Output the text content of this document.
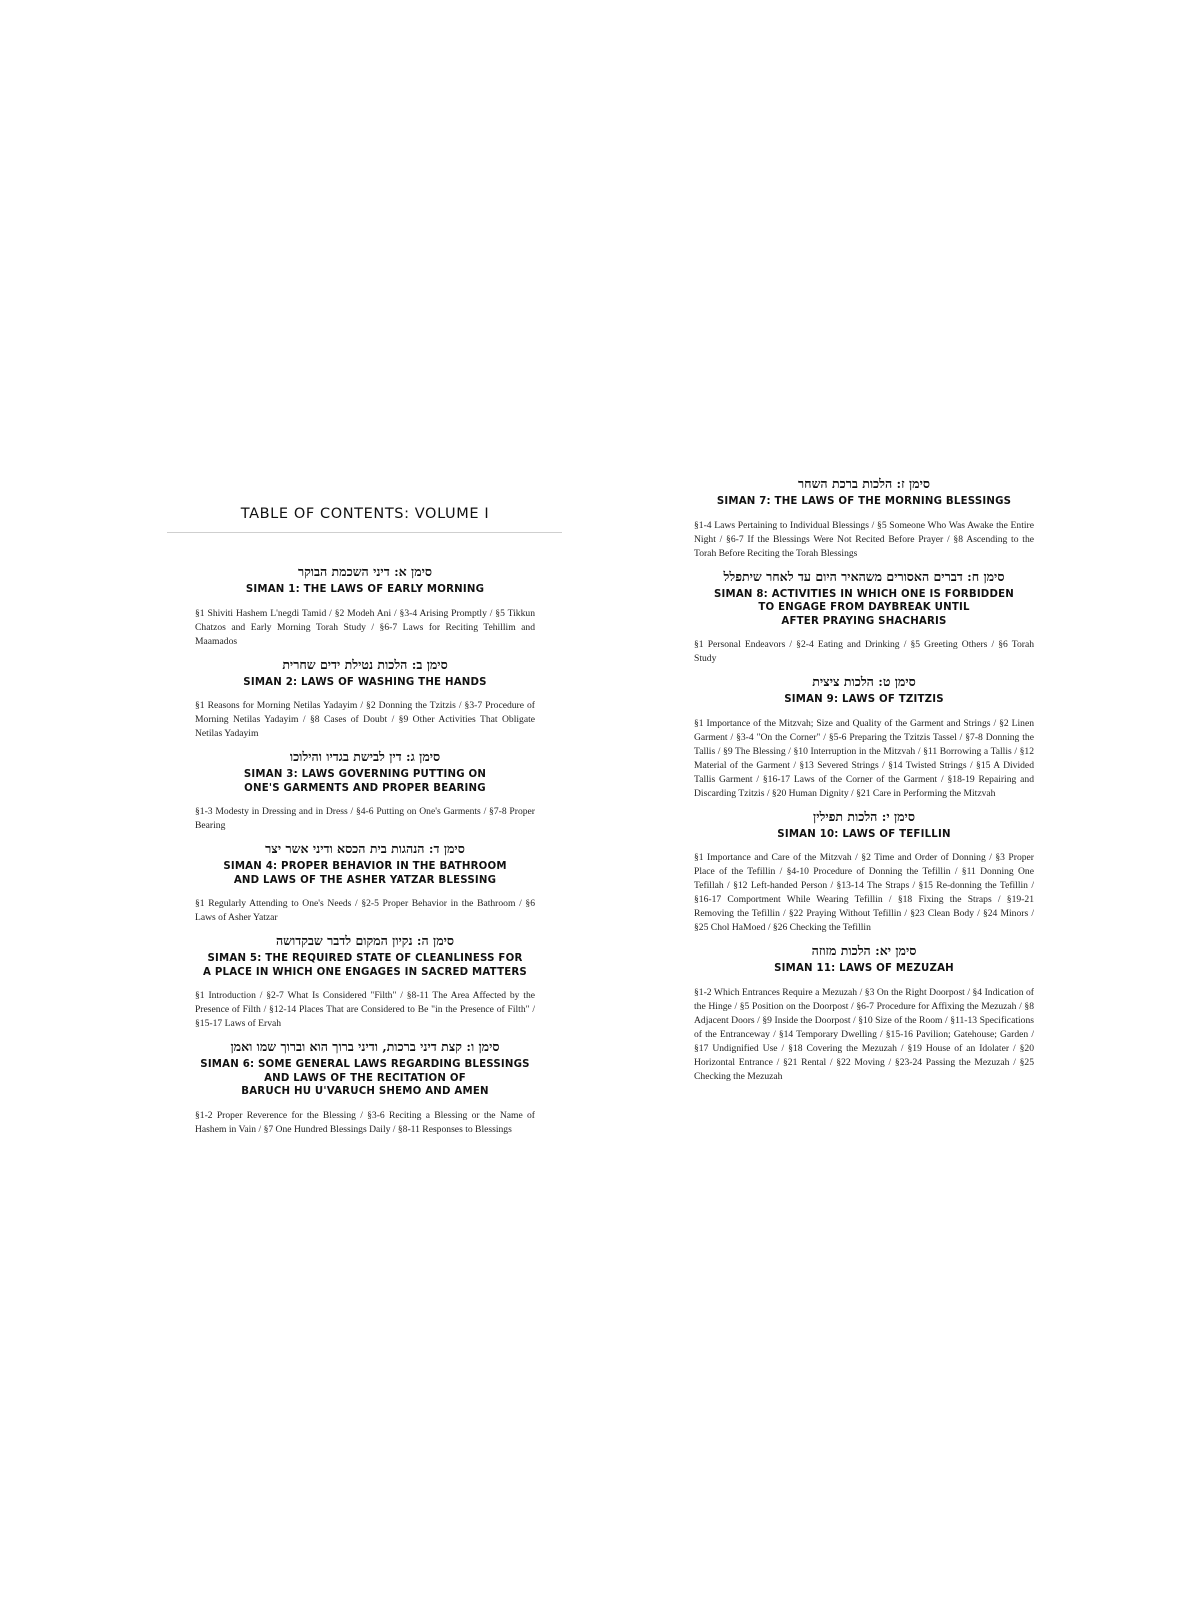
TABLE OF CONTENTS: VOLUME I
סימן א: דיני השכמת הבוקר
SIMAN 1: THE LAWS OF EARLY MORNING
§1 Shiviti Hashem L'negdi Tamid / §2 Modeh Ani / §3-4 Arising Promptly / §5 Tikkun Chatzos and Early Morning Torah Study / §6-7 Laws for Reciting Tehillim and Maamados
סימן ב: הלכות נטילת ידים שחרית
SIMAN 2: LAWS OF WASHING THE HANDS
§1 Reasons for Morning Netilas Yadayim / §2 Donning the Tzitzis / §3-7 Procedure of Morning Netilas Yadayim / §8 Cases of Doubt / §9 Other Activities That Obligate Netilas Yadayim
סימן ג: דין לבישת בגדיו והילוכו
SIMAN 3: LAWS GOVERNING PUTTING ON
ONE'S GARMENTS AND PROPER BEARING
§1-3 Modesty in Dressing and in Dress / §4-6 Putting on One's Garments / §7-8 Proper Bearing
סימן ד: הנהגות בית הכסא ודיני אשר יצר
SIMAN 4: PROPER BEHAVIOR IN THE BATHROOM
AND LAWS OF THE ASHER YATZAR BLESSING
§1 Regularly Attending to One's Needs / §2-5 Proper Behavior in the Bathroom / §6 Laws of Asher Yatzar
סימן ה: נקיון המקום לדבר שבקדושה
SIMAN 5: THE REQUIRED STATE OF CLEANLINESS FOR
A PLACE IN WHICH ONE ENGAGES IN SACRED MATTERS
§1 Introduction / §2-7 What Is Considered "Filth" / §8-11 The Area Affected by the Presence of Filth / §12-14 Places That are Considered to Be "in the Presence of Filth" / §15-17 Laws of Ervah
סימן ו: קצת דיני ברכות, ודיני ברוך הוא וברוך שמו ואמן
SIMAN 6: SOME GENERAL LAWS REGARDING BLESSINGS
AND LAWS OF THE RECITATION OF
BARUCH HU U'VARUCH SHEMO AND AMEN
§1-2 Proper Reverence for the Blessing / §3-6 Reciting a Blessing or the Name of Hashem in Vain / §7 One Hundred Blessings Daily / §8-11 Responses to Blessings
סימן ז: הלכות ברכת השחר
SIMAN 7: THE LAWS OF THE MORNING BLESSINGS
§1-4 Laws Pertaining to Individual Blessings / §5 Someone Who Was Awake the Entire Night / §6-7 If the Blessings Were Not Recited Before Prayer / §8 Ascending to the Torah Before Reciting the Torah Blessings
סימן ח: דברים האסורים משהאיר היום עד לאחר שיתפלל
SIMAN 8: ACTIVITIES IN WHICH ONE IS FORBIDDEN
TO ENGAGE FROM DAYBREAK UNTIL
AFTER PRAYING SHACHARIS
§1 Personal Endeavors / §2-4 Eating and Drinking / §5 Greeting Others / §6 Torah Study
סימן ט: הלכות ציצית
SIMAN 9: LAWS OF TZITZIS
§1 Importance of the Mitzvah; Size and Quality of the Garment and Strings / §2 Linen Garment / §3-4 "On the Corner" / §5-6 Preparing the Tzitzis Tassel / §7-8 Donning the Tallis / §9 The Blessing / §10 Interruption in the Mitzvah / §11 Borrowing a Tallis / §12 Material of the Garment / §13 Severed Strings / §14 Twisted Strings / §15 A Divided Tallis Garment / §16-17 Laws of the Corner of the Garment / §18-19 Repairing and Discarding Tzitzis / §20 Human Dignity / §21 Care in Performing the Mitzvah
סימן י: הלכות תפילין
SIMAN 10: LAWS OF TEFILLIN
§1 Importance and Care of the Mitzvah / §2 Time and Order of Donning / §3 Proper Place of the Tefillin / §4-10 Procedure of Donning the Tefillin / §11 Donning One Tefillah / §12 Left-handed Person / §13-14 The Straps / §15 Re-donning the Tefillin / §16-17 Comportment While Wearing Tefillin / §18 Fixing the Straps / §19-21 Removing the Tefillin / §22 Praying Without Tefillin / §23 Clean Body / §24 Minors / §25 Chol HaMoed / §26 Checking the Tefillin
סימן יא: הלכות מזוזה
SIMAN 11: LAWS OF MEZUZAH
§1-2 Which Entrances Require a Mezuzah / §3 On the Right Doorpost / §4 Indication of the Hinge / §5 Position on the Doorpost / §6-7 Procedure for Affixing the Mezuzah / §8 Adjacent Doors / §9 Inside the Doorpost / §10 Size of the Room / §11-13 Specifications of the Entranceway / §14 Temporary Dwelling / §15-16 Pavilion; Gatehouse; Garden / §17 Undignified Use / §18 Covering the Mezuzah / §19 House of an Idolater / §20 Horizontal Entrance / §21 Rental / §22 Moving / §23-24 Passing the Mezuzah / §25 Checking the Mezuzah
